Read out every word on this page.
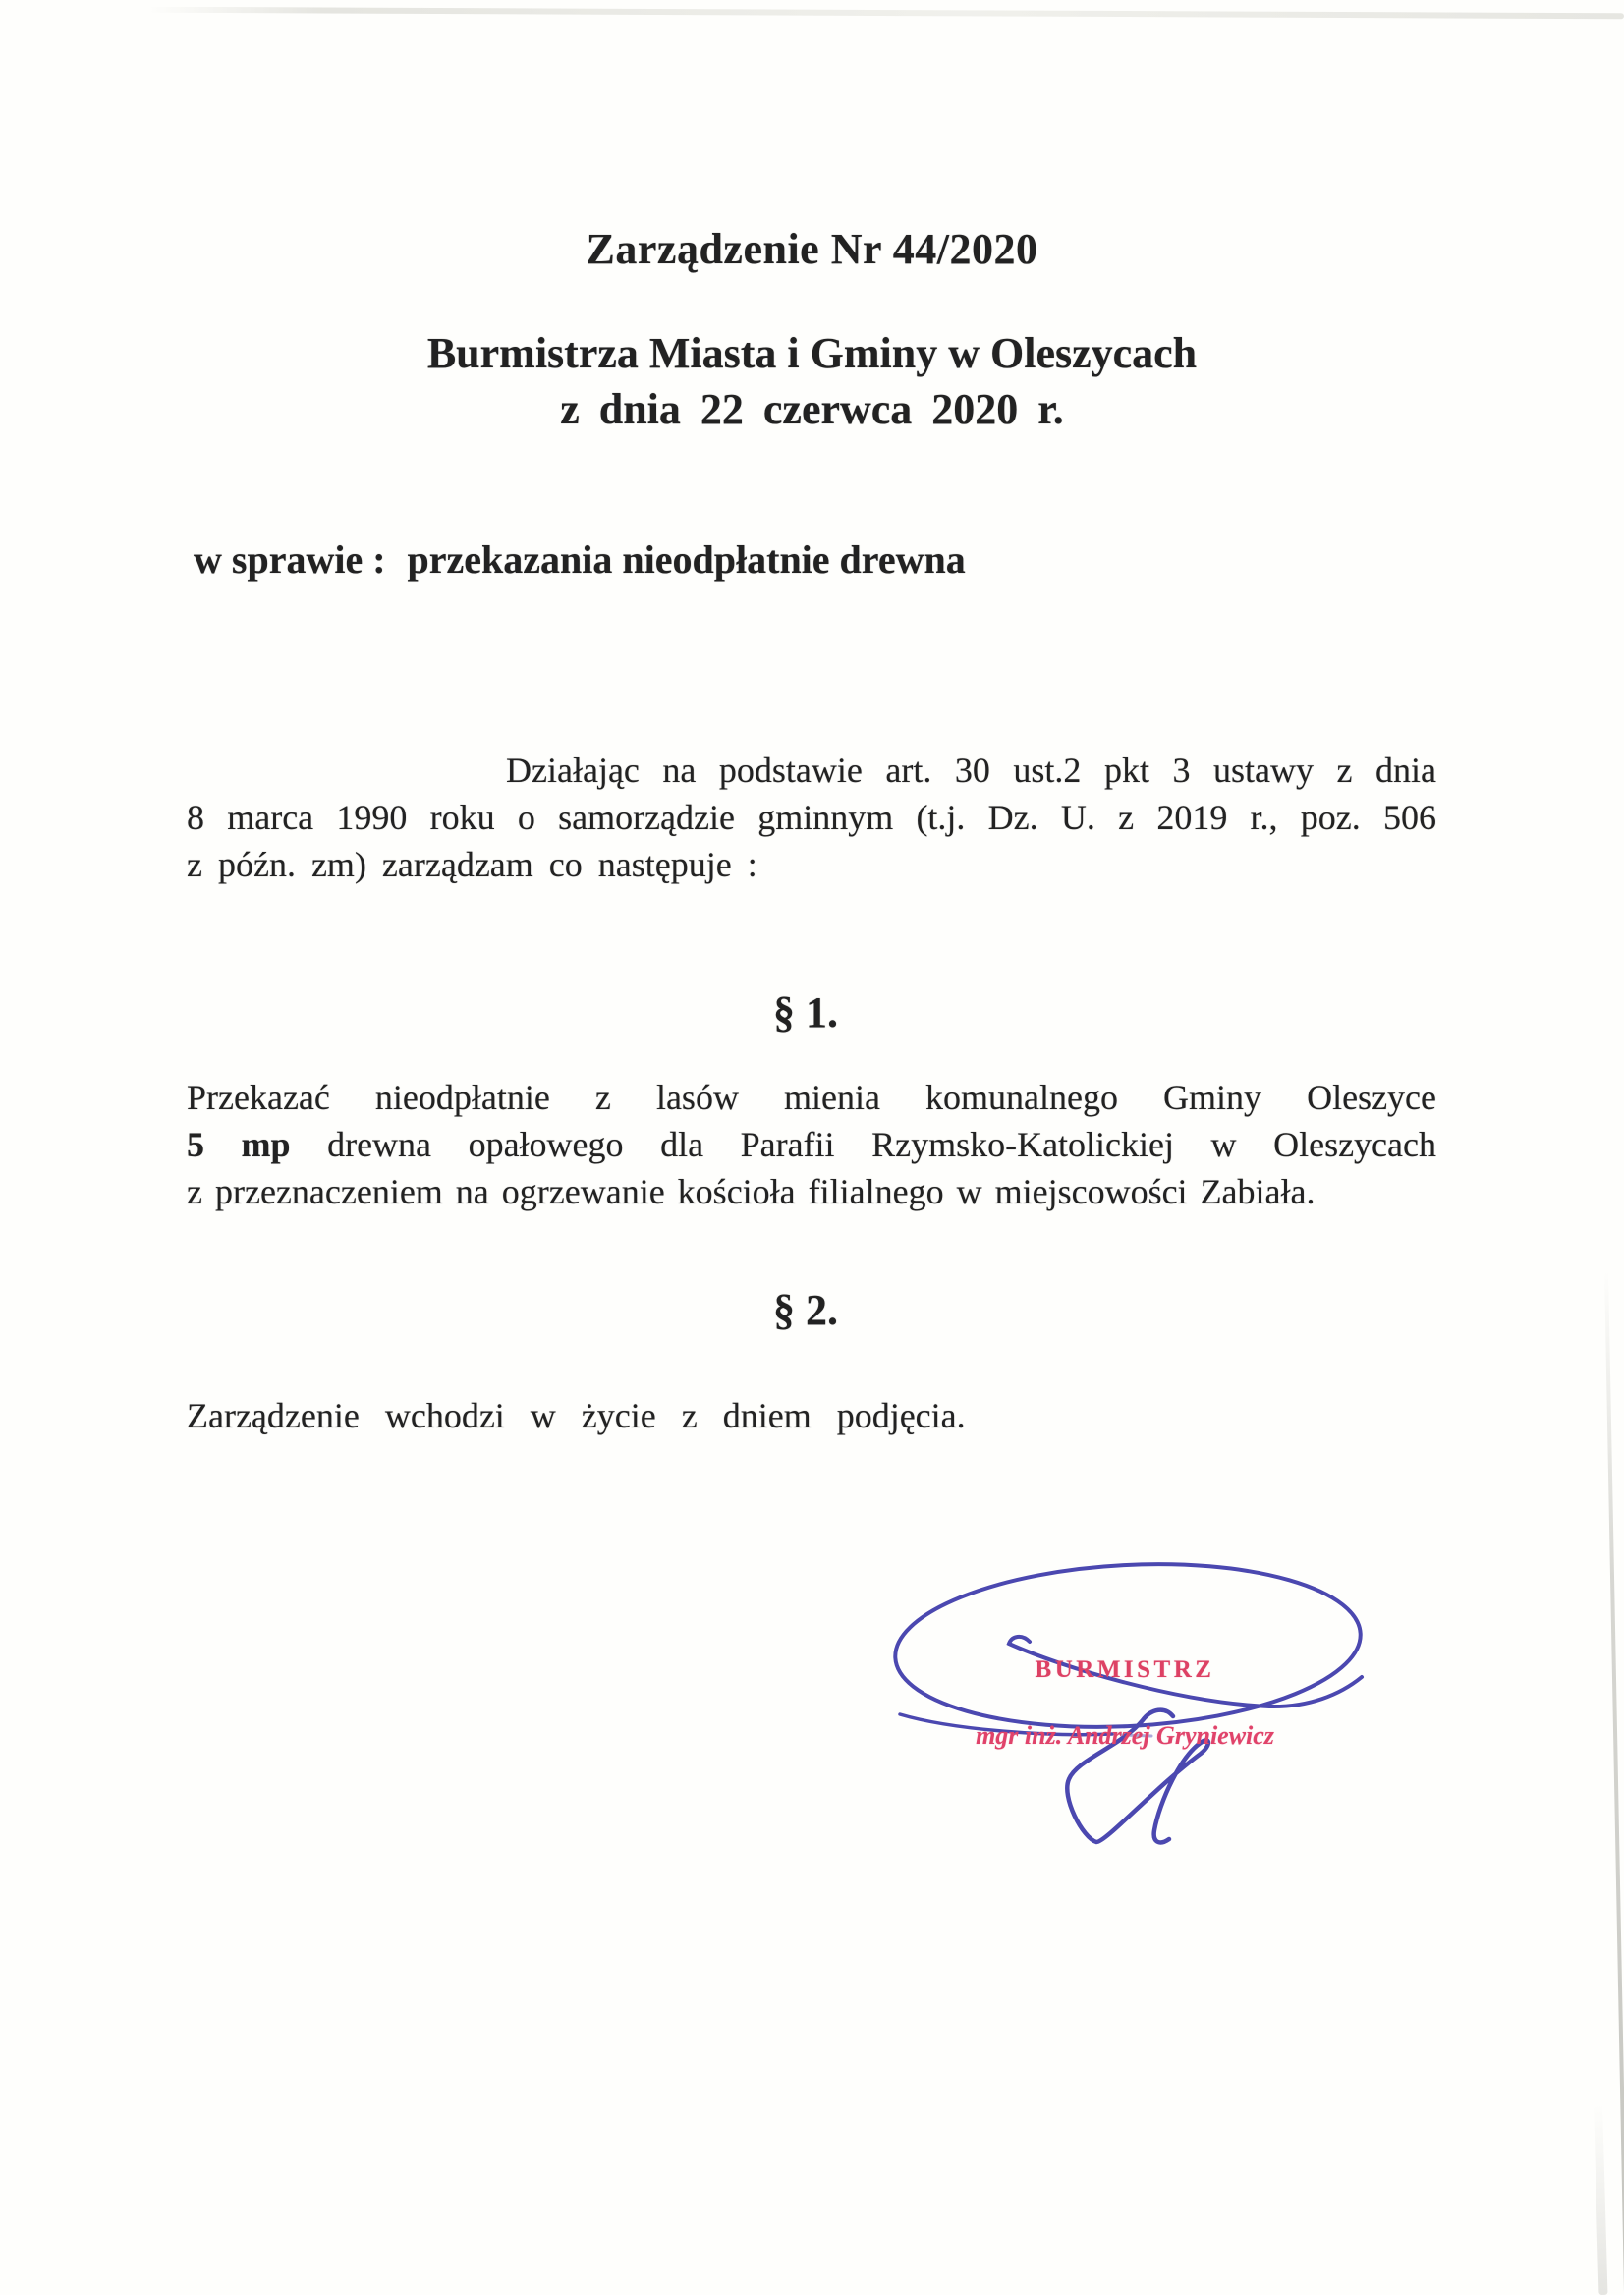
Zarządzenie Nr 44/2020
Burmistrza Miasta i Gminy w Oleszycach
z dnia 22 czerwca 2020 r.
w sprawie : przekazania nieodpłatnie drewna
Działając na podstawie art. 30 ust.2 pkt 3 ustawy z dnia
8 marca 1990 roku o samorządzie gminnym (t.j. Dz. U. z 2019 r., poz. 506
z późn. zm) zarządzam co następuje :
§ 1.
Przekazać nieodpłatnie z lasów mienia komunalnego Gminy Oleszyce
5 mp drewna opałowego dla Parafii Rzymsko-Katolickiej w Oleszycach
z przeznaczeniem na ogrzewanie kościoła filialnego w miejscowości Zabiała.
§ 2.
Zarządzenie wchodzi w życie z dniem podjęcia.
BURMISTRZ
mgr inż. Andrzej Gryniewicz
